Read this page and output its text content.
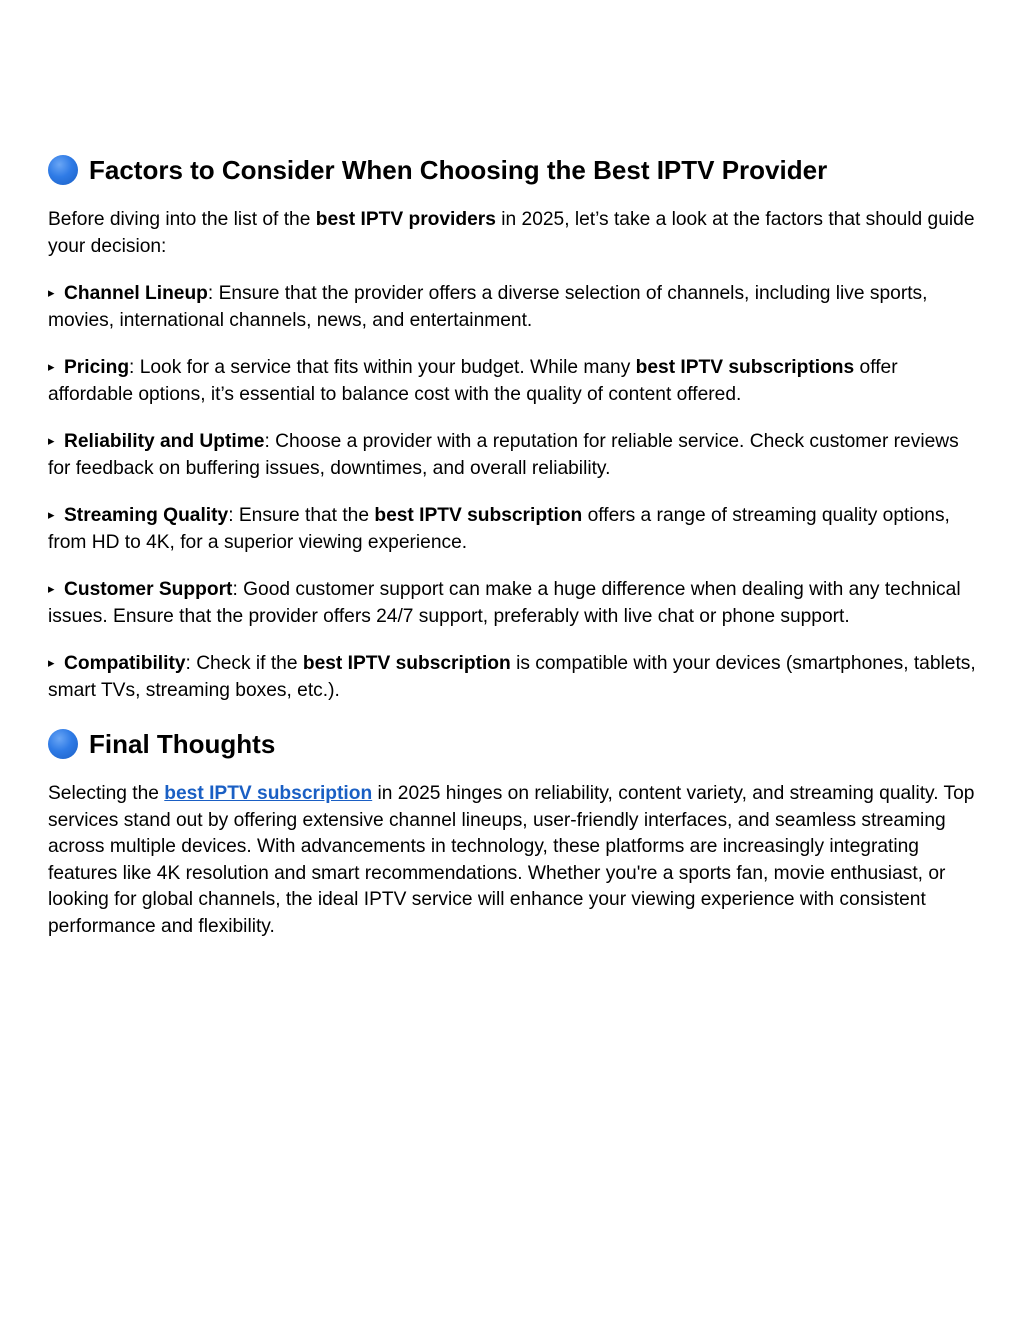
Factors to Consider When Choosing the Best IPTV Provider

Before diving into the list of the best IPTV providers in 2025, let’s take a look at the factors that should guide your decision:

▸ Channel Lineup: Ensure that the provider offers a diverse selection of channels, including live sports, movies, international channels, news, and entertainment.

▸ Pricing: Look for a service that fits within your budget. While many best IPTV subscriptions offer affordable options, it’s essential to balance cost with the quality of content offered.

▸ Reliability and Uptime: Choose a provider with a reputation for reliable service. Check customer reviews for feedback on buffering issues, downtimes, and overall reliability.

▸ Streaming Quality: Ensure that the best IPTV subscription offers a range of streaming quality options, from HD to 4K, for a superior viewing experience.

▸ Customer Support: Good customer support can make a huge difference when dealing with any technical issues. Ensure that the provider offers 24/7 support, preferably with live chat or phone support.

▸ Compatibility: Check if the best IPTV subscription is compatible with your devices (smartphones, tablets, smart TVs, streaming boxes, etc.).

Final Thoughts

Selecting the best IPTV subscription in 2025 hinges on reliability, content variety, and streaming quality. Top services stand out by offering extensive channel lineups, user-friendly interfaces, and seamless streaming across multiple devices. With advancements in technology, these platforms are increasingly integrating features like 4K resolution and smart recommendations. Whether you're a sports fan, movie enthusiast, or looking for global channels, the ideal IPTV service will enhance your viewing experience with consistent performance and flexibility.
